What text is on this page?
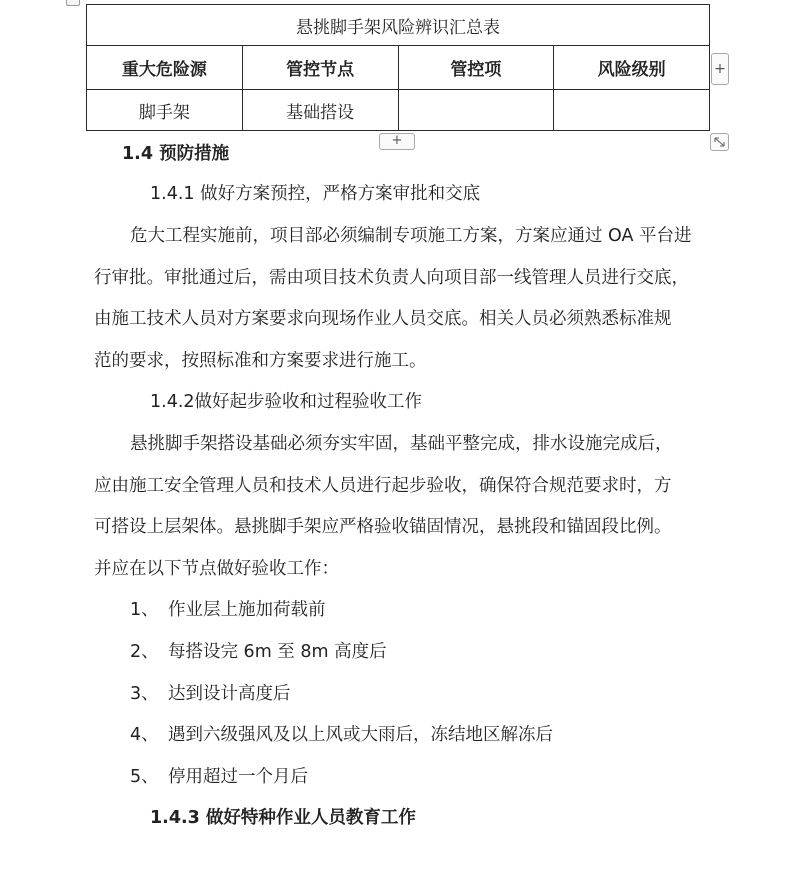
悬挑脚手架风险辨识汇总表			
重大危险源	管控节点	管控项	风险级别
脚手架	基础搭设		
+
+
1.4 预防措施
1.4.1 做好方案预控，严格方案审批和交底
危大工程实施前，项目部必须编制专项施工方案，方案应通过 OA 平台进
行审批。审批通过后，需由项目技术负责人向项目部一线管理人员进行交底，
由施工技术人员对方案要求向现场作业人员交底。相关人员必须熟悉标准规
范的要求，按照标准和方案要求进行施工。
1.4.2做好起步验收和过程验收工作
悬挑脚手架搭设基础必须夯实牢固，基础平整完成，排水设施完成后，
应由施工安全管理人员和技术人员进行起步验收，确保符合规范要求时，方
可搭设上层架体。悬挑脚手架应严格验收锚固情况，悬挑段和锚固段比例。
并应在以下节点做好验收工作：
1、 作业层上施加荷载前
2、 每搭设完 6m 至 8m 高度后
3、 达到设计高度后
4、 遇到六级强风及以上风或大雨后，冻结地区解冻后
5、 停用超过一个月后
1.4.3 做好特种作业人员教育工作
